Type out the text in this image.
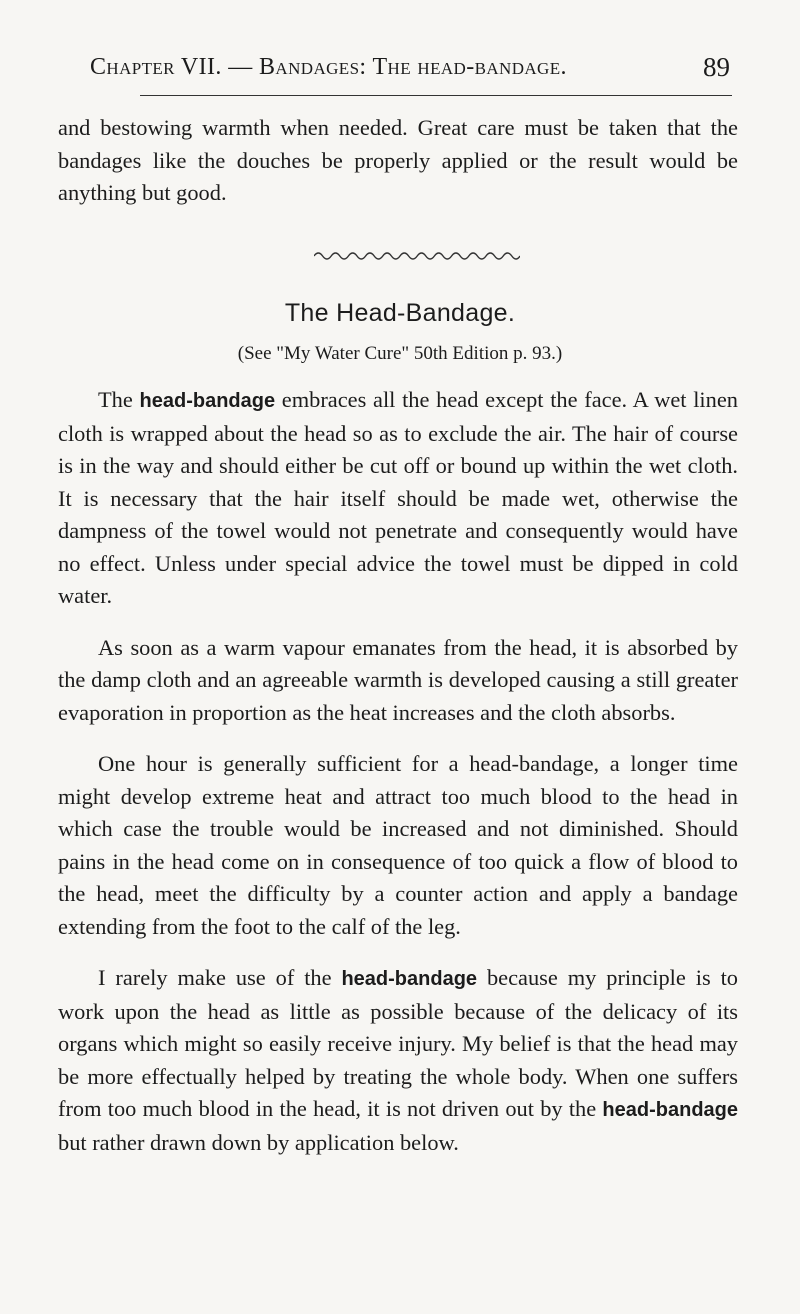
Chapter VII. — Bandages: The head-bandage.	89

and bestowing warmth when needed. Great care must be taken that the bandages like the douches be properly applied or the result would be anything but good.

The Head-Bandage.
(See "My Water Cure" 50th Edition p. 93.)

The head-bandage embraces all the head except the face. A wet linen cloth is wrapped about the head so as to exclude the air. The hair of course is in the way and should either be cut off or bound up within the wet cloth. It is necessary that the hair itself should be made wet, otherwise the dampness of the towel would not penetrate and consequently would have no effect. Unless under special advice the towel must be dipped in cold water.

As soon as a warm vapour emanates from the head, it is absorbed by the damp cloth and an agreeable warmth is developed causing a still greater evaporation in proportion as the heat increases and the cloth absorbs.

One hour is generally sufficient for a head-bandage, a longer time might develop extreme heat and attract too much blood to the head in which case the trouble would be increased and not diminished. Should pains in the head come on in consequence of too quick a flow of blood to the head, meet the difficulty by a counter action and apply a bandage extending from the foot to the calf of the leg.

I rarely make use of the head-bandage because my principle is to work upon the head as little as possible because of the delicacy of its organs which might so easily receive injury. My belief is that the head may be more effectually helped by treating the whole body. When one suffers from too much blood in the head, it is not driven out by the head-bandage but rather drawn down by application below.
